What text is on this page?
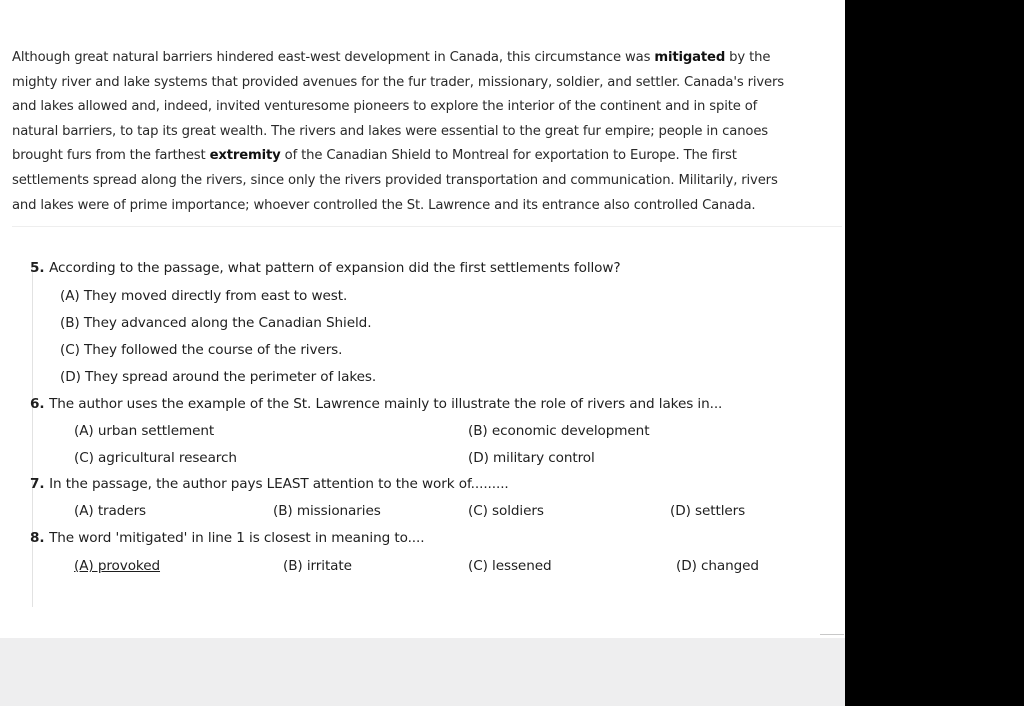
Although great natural barriers hindered east-west development in Canada, this circumstance was mitigated by the
mighty river and lake systems that provided avenues for the fur trader, missionary, soldier, and settler. Canada's rivers
and lakes allowed and, indeed, invited venturesome pioneers to explore the interior of the continent and in spite of
natural barriers, to tap its great wealth. The rivers and lakes were essential to the great fur empire; people in canoes
brought furs from the farthest extremity of the Canadian Shield to Montreal for exportation to Europe. The first
settlements spread along the rivers, since only the rivers provided transportation and communication. Militarily, rivers
and lakes were of prime importance; whoever controlled the St. Lawrence and its entrance also controlled Canada.
5. According to the passage, what pattern of expansion did the first settlements follow?
(A) They moved directly from east to west.
(B) They advanced along the Canadian Shield.
(C) They followed the course of the rivers.
(D) They spread around the perimeter of lakes.
6. The author uses the example of the St. Lawrence mainly to illustrate the role of rivers and lakes in...
(A) urban settlement	(B) economic development
(C) agricultural research	(D) military control
7. In the passage, the author pays LEAST attention to the work of.........
(A) traders	(B) missionaries	(C) soldiers	(D) settlers
8. The word 'mitigated' in line 1 is closest in meaning to....
(A) provoked	(B) irritate	(C) lessened	(D) changed
